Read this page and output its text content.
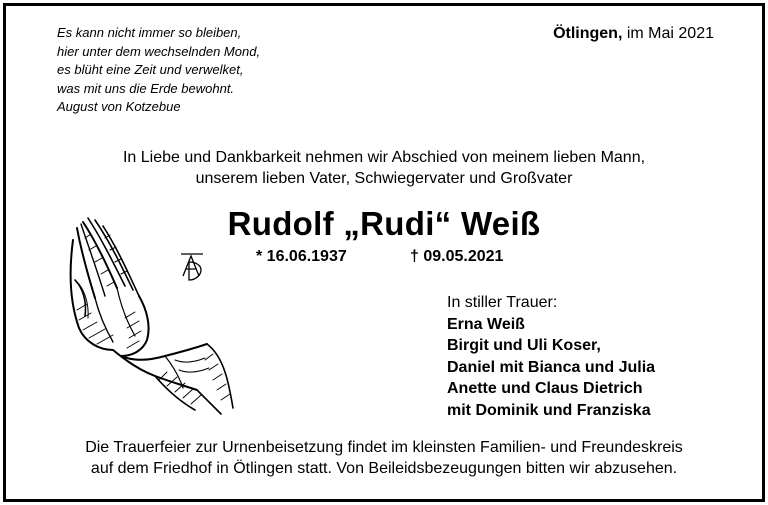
Es kann nicht immer so bleiben,
hier unter dem wechselnden Mond,
es blüht eine Zeit und verwelket,
was mit uns die Erde bewohnt.
August von Kotzebue
Ötlingen, im Mai 2021
In Liebe und Dankbarkeit nehmen wir Abschied von meinem lieben Mann,
unserem lieben Vater, Schwiegervater und Großvater
Rudolf „Rudi“ Weiß
* 16.06.1937	† 09.05.2021
In stiller Trauer:
Erna Weiß
Birgit und Uli Koser,
Daniel mit Bianca und Julia
Anette und Claus Dietrich
mit Dominik und Franziska
Die Trauerfeier zur Urnenbeisetzung findet im kleinsten Familien- und Freundeskreis
auf dem Friedhof in Ötlingen statt. Von Beileidsbezeugungen bitten wir abzusehen.
